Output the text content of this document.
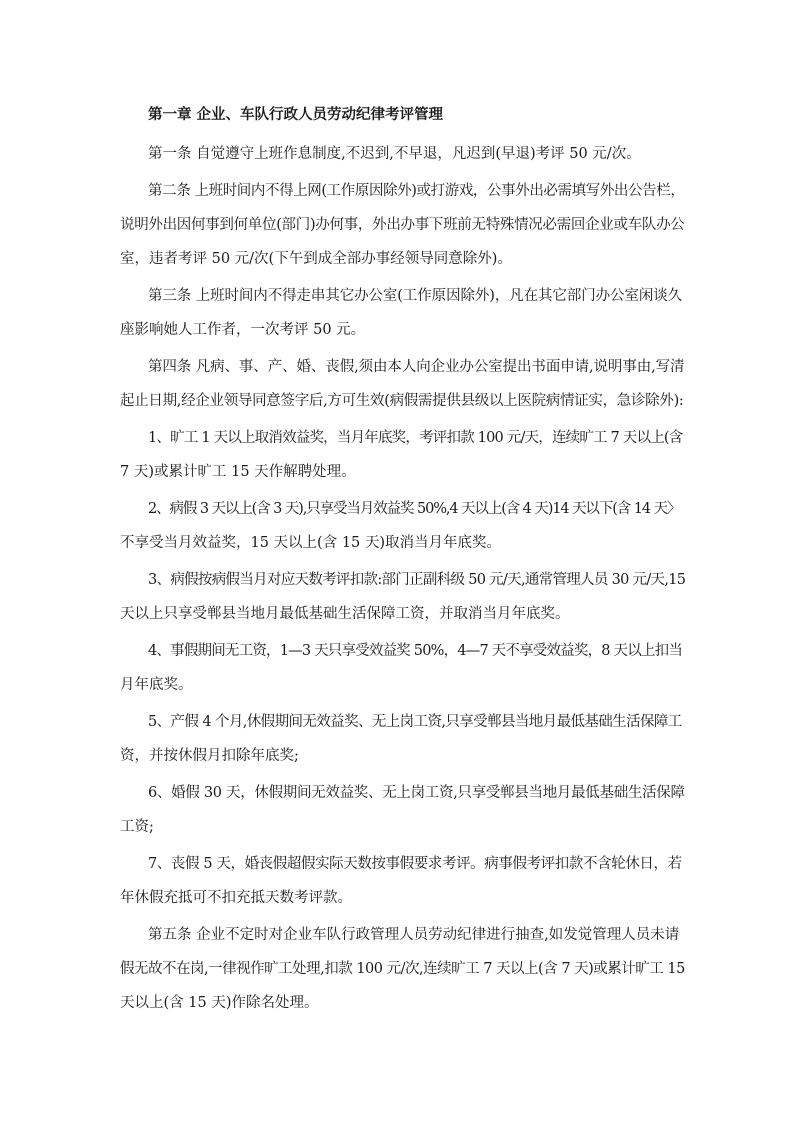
第一章 企业、车队行政人员劳动纪律考评管理
第一条 自觉遵守上班作息制度,不迟到,不早退，凡迟到(早退)考评 50 元/次。
第二条 上班时间内不得上网(工作原因除外)或打游戏，公事外出必需填写外出公告栏，
说明外出因何事到何单位(部门)办何事，外出办事下班前无特殊情况必需回企业或车队办公
室，违者考评 50 元/次(下午到成全部办事经领导同意除外)。
第三条 上班时间内不得走串其它办公室(工作原因除外)，凡在其它部门办公室闲谈久
座影响她人工作者，一次考评 50 元。
第四条 凡病、事、产、婚、丧假,须由本人向企业办公室提出书面申请,说明事由,写清
起止日期,经企业领导同意签字后,方可生效(病假需提供县级以上医院病情证实，急诊除外):
1、旷工 1 天以上取消效益奖，当月年底奖，考评扣款 100 元/天，连续旷工 7 天以上(含
7 天)或累计旷工 15 天作解聘处理。
2、病假 3 天以上(含 3 天),只享受当月效益奖 50%,4 天以上(含 4 天)14 天以下(含 14 天〉
不享受当月效益奖，15 天以上(含 15 天)取消当月年底奖。
3、病假按病假当月对应天数考评扣款:部门正副科级 50 元/天,通常管理人员 30 元/天,15
天以上只享受郸县当地月最低基础生活保障工资，并取消当月年底奖。
4、事假期间无工资，1—3 天只享受效益奖 50%，4—7 天不享受效益奖，8 天以上扣当
月年底奖。
5、产假 4 个月,休假期间无效益奖、无上岗工资,只享受郸县当地月最低基础生活保障工
资，并按休假月扣除年底奖;
6、婚假 30 天，休假期间无效益奖、无上岗工资,只享受郸县当地月最低基础生活保障
工资;
7、丧假 5 天，婚丧假超假实际天数按事假要求考评。病事假考评扣款不含轮休日，若
年休假充抵可不扣充抵天数考评款。
第五条 企业不定时对企业车队行政管理人员劳动纪律进行抽查,如发觉管理人员未请
假无故不在岗,一律视作旷工处理,扣款 100 元/次,连续旷工 7 天以上(含 7 天)或累计旷工 15
天以上(含 15 天)作除名处理。
